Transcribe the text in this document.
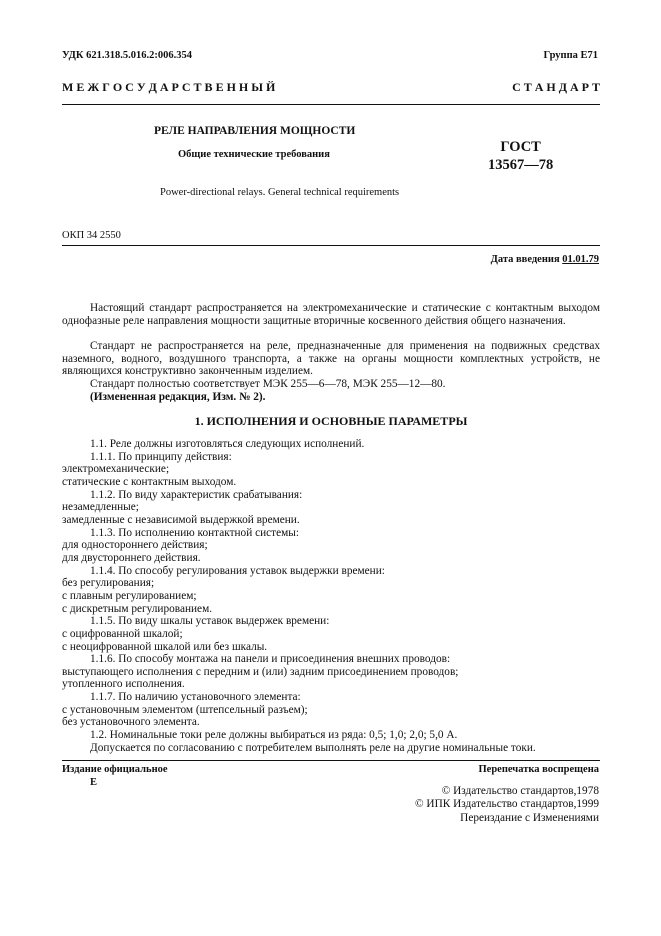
УДК 621.318.5.016.2:006.354	Группа Е71
М Е Ж Г О С У Д А Р С Т В Е Н Н Ы Й	С Т А Н Д А Р Т
РЕЛЕ НАПРАВЛЕНИЯ МОЩНОСТИ
Общие технические требования	ГОСТ
13567—78
Power-directional relays. General technical requirements
ОКП 34 2550
Дата введения 01.01.79
Настоящий стандарт распространяется на электромеханические и статические с контактным выходом однофазные реле направления мощности защитные вторичные косвенного действия общего назначения.
Стандарт не распространяется на реле, предназначенные для применения на подвижных средствах наземного, водного, воздушного транспорта, а также на органы мощности комплектных устройств, не являющихся конструктивно законченным изделием.
Стандарт полностью соответствует МЭК 255—6—78, МЭК 255—12—80.
(Измененная редакция, Изм. № 2).
1. ИСПОЛНЕНИЯ И ОСНОВНЫЕ ПАРАМЕТРЫ
1.1. Реле должны изготовляться следующих исполнений.
1.1.1. По принципу действия:
электромеханические;
статические с контактным выходом.
1.1.2. По виду характеристик срабатывания:
незамедленные;
замедленные с независимой выдержкой времени.
1.1.3. По исполнению контактной системы:
для одностороннего действия;
для двустороннего действия.
1.1.4. По способу регулирования уставок выдержки времени:
без регулирования;
с плавным регулированием;
с дискретным регулированием.
1.1.5. По виду шкалы уставок выдержек времени:
с оцифрованной шкалой;
с неоцифрованной шкалой или без шкалы.
1.1.6. По способу монтажа на панели и присоединения внешних проводов:
выступающего исполнения с передним и (или) задним присоединением проводов;
утопленного исполнения.
1.1.7. По наличию установочного элемента:
с установочным элементом (штепсельный разъем);
без установочного элемента.
1.2. Номинальные токи реле должны выбираться из ряда: 0,5; 1,0; 2,0; 5,0 А.
Допускается по согласованию с потребителем выполнять реле на другие номинальные токи.
Издание официальное
Е
Перепечатка воспрещена
© Издательство стандартов,1978
© ИПК Издательство стандартов,1999
Переиздание с Изменениями
